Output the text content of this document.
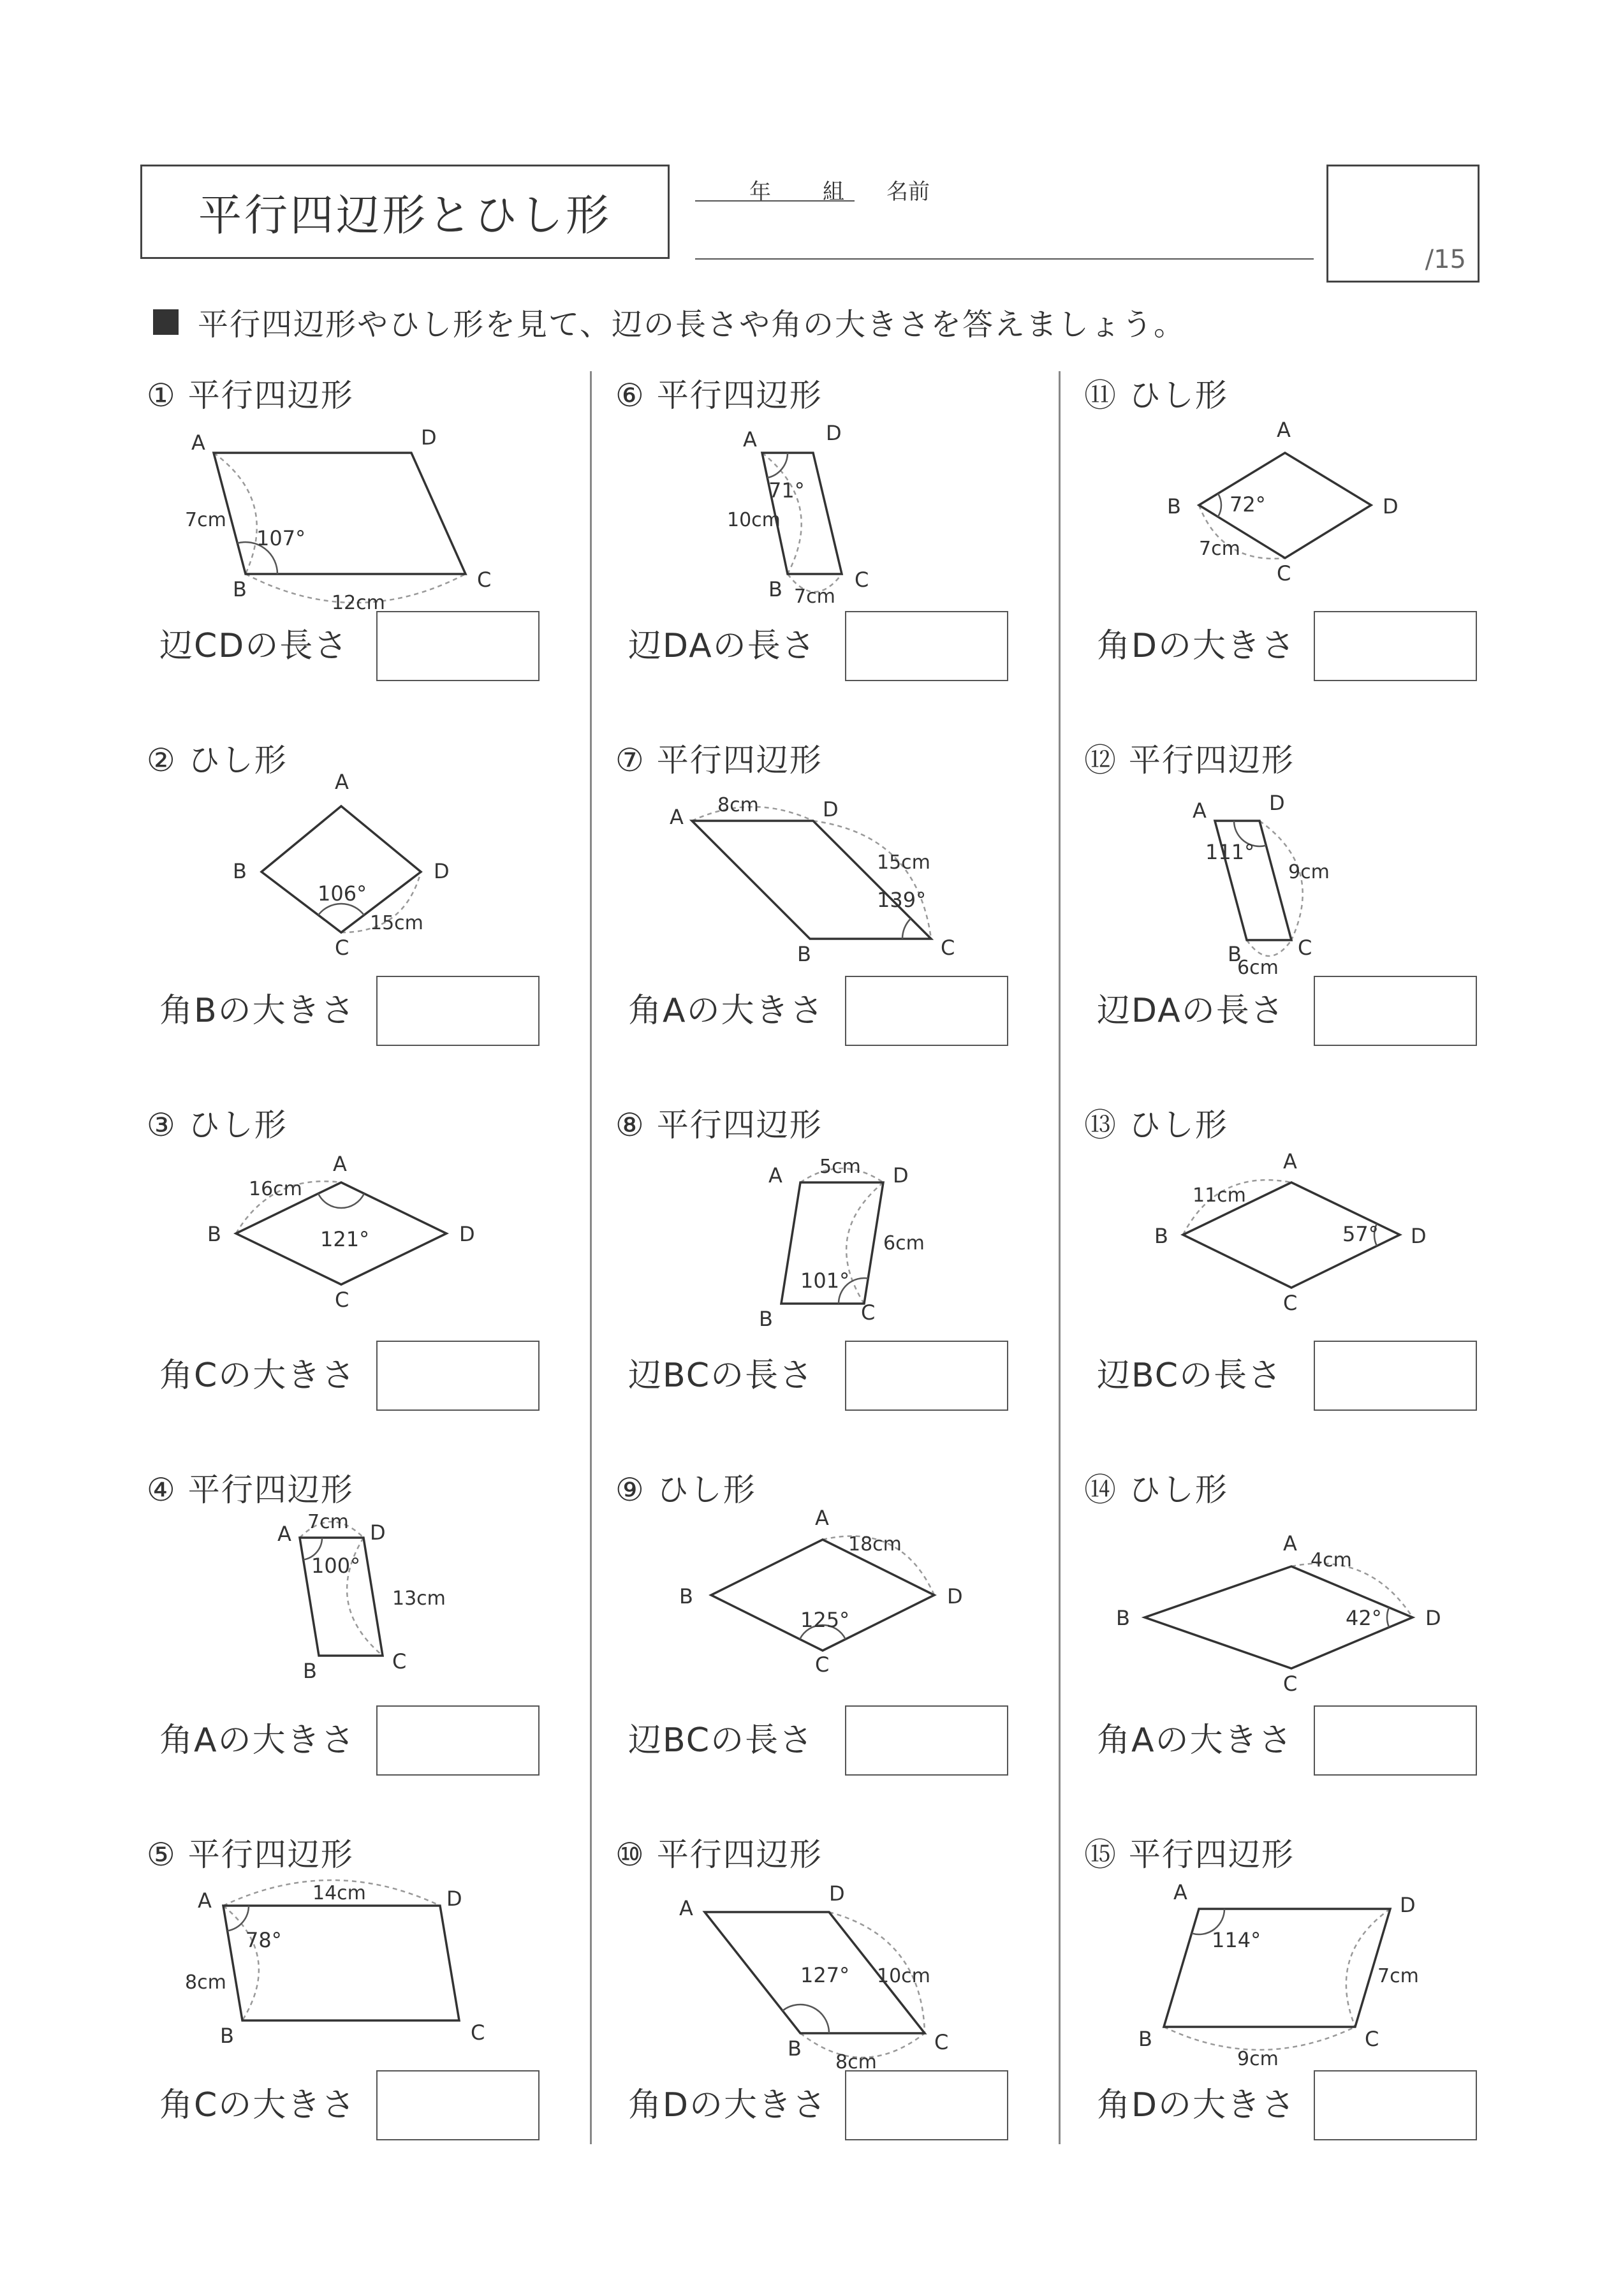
平行四辺形とひし形	年 組 名前
/15
平行四辺形やひし形を見て、辺の長さや角の大きさを答えましょう。
① 平行四辺形
A
B	C
D
107°
7cm
12cm
辺CDの長さ
② ひし形
A
B
C
D
106°
15cm
角Bの大きさ
③ ひし形
A
B
C
D
121°
16cm
角Cの大きさ
④ 平行四辺形
A
B	C
D
100°
7cm
13cm
角Aの大きさ
⑤ 平行四辺形
A
B	C
D
78°
14cm
8cm
角Cの大きさ
⑥ 平行四辺形
A
B	C
D
71°
10cm
7cm
辺DAの長さ
⑦ 平行四辺形
A
B	C
D
139°
8cm
15cm
角Aの大きさ
⑧ 平行四辺形
A
B	C
D
101°
5cm
6cm
辺BCの長さ
⑨ ひし形
A
B
C
D
125°
18cm
辺BCの長さ
⑩ 平行四辺形
A
B	C
D
127° 10cm
8cm
角Dの大きさ
⑪ ひし形
A
B
C
D
72°
7cm
角Dの大きさ
⑫ 平行四辺形
A
B	C
D
111°
9cm
6cm
辺DAの長さ
⑬ ひし形
A
B
C
D
57°
11cm
辺BCの長さ
⑭ ひし形
A
B
C
D
42°
4cm
角Aの大きさ
⑮ 平行四辺形
A
B	C
D
114°
7cm
9cm
角Dの大きさ
